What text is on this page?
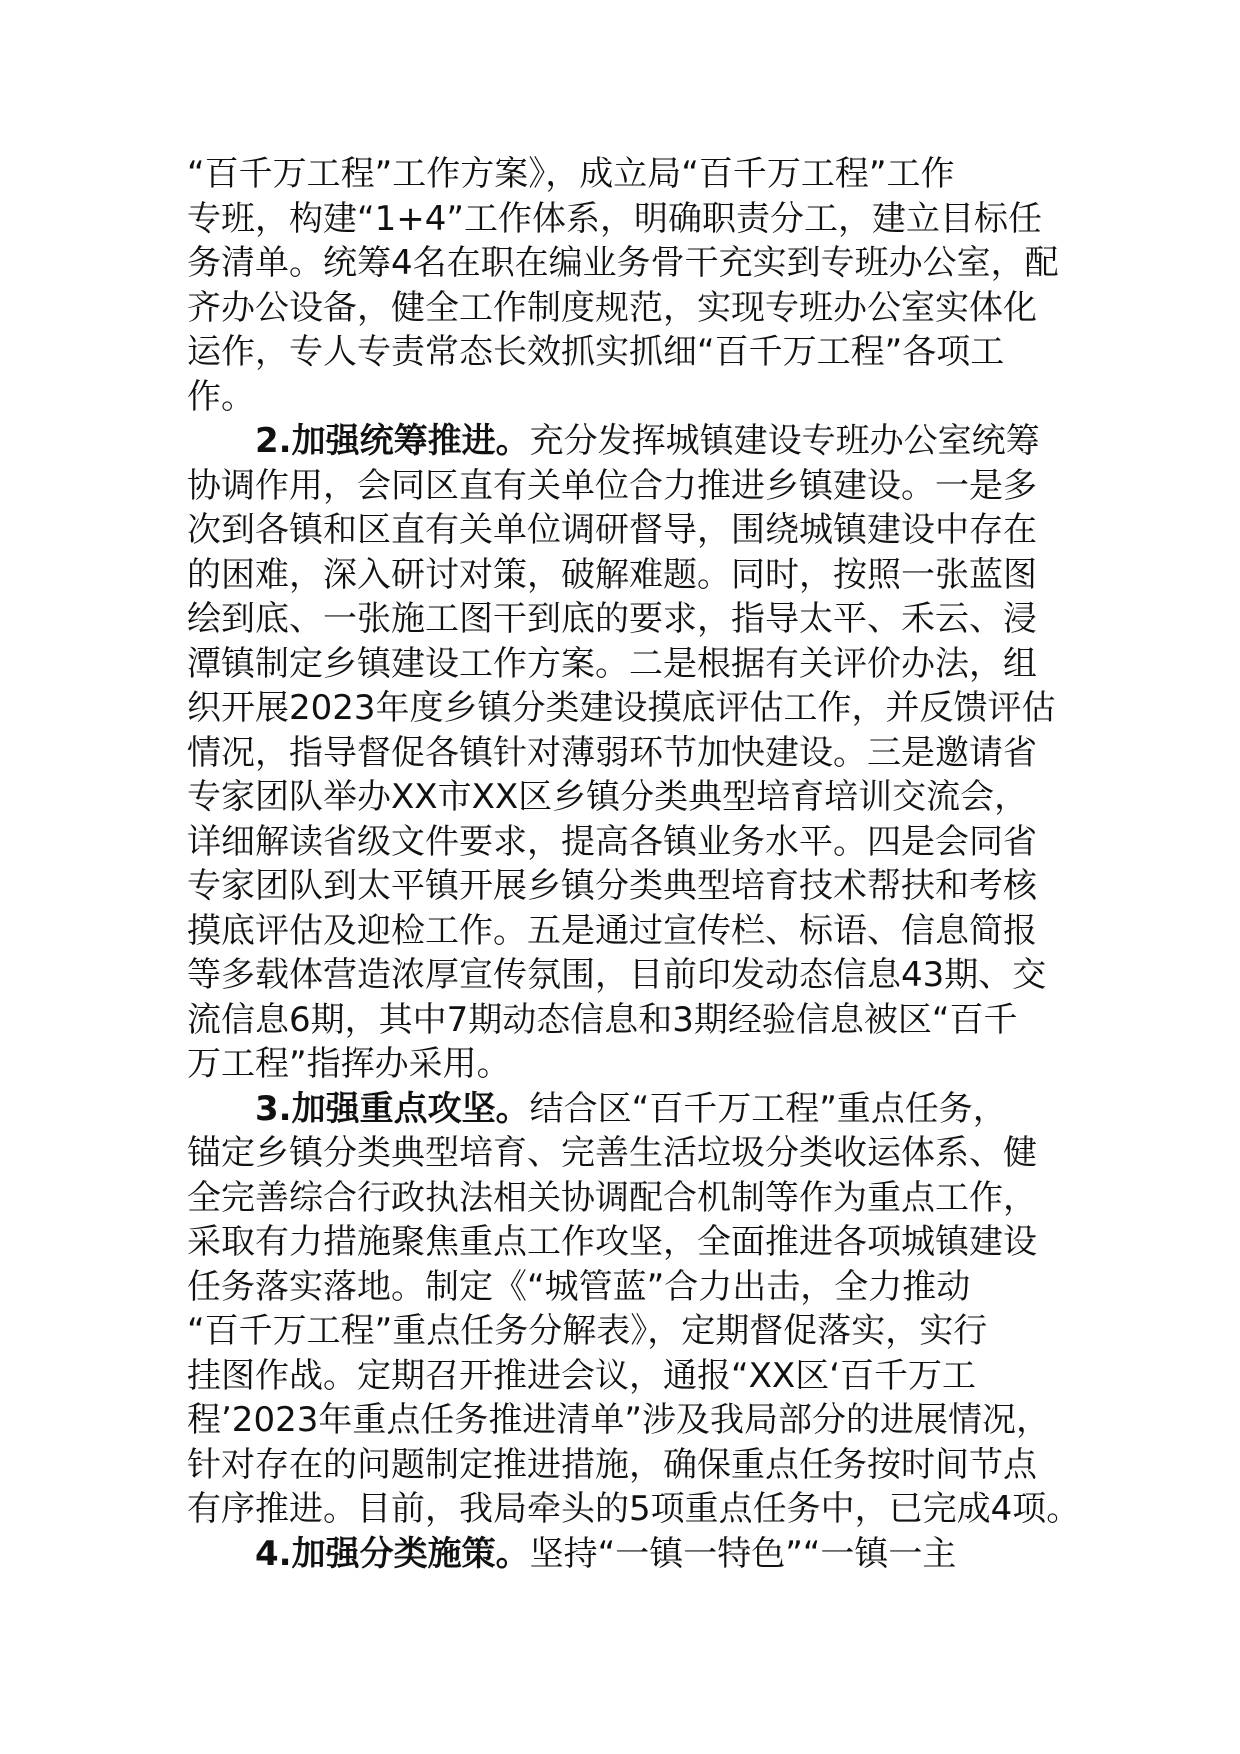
“百千万工程”工作方案》，成立局“百千万工程”工作
专班，构建“1+4”工作体系，明确职责分工，建立目标任
务清单。统筹4名在职在编业务骨干充实到专班办公室，配
齐办公设备，健全工作制度规范，实现专班办公室实体化
运作，专人专责常态长效抓实抓细“百千万工程”各项工
作。
2.加强统筹推进。充分发挥城镇建设专班办公室统筹
协调作用，会同区直有关单位合力推进乡镇建设。一是多
次到各镇和区直有关单位调研督导，围绕城镇建设中存在
的困难，深入研讨对策，破解难题。同时，按照一张蓝图
绘到底、一张施工图干到底的要求，指导太平、禾云、浸
潭镇制定乡镇建设工作方案。二是根据有关评价办法，组
织开展2023年度乡镇分类建设摸底评估工作，并反馈评估
情况，指导督促各镇针对薄弱环节加快建设。三是邀请省
专家团队举办XX市XX区乡镇分类典型培育培训交流会，
详细解读省级文件要求，提高各镇业务水平。四是会同省
专家团队到太平镇开展乡镇分类典型培育技术帮扶和考核
摸底评估及迎检工作。五是通过宣传栏、标语、信息简报
等多载体营造浓厚宣传氛围，目前印发动态信息43期、交
流信息6期，其中7期动态信息和3期经验信息被区“百千
万工程”指挥办采用。
3.加强重点攻坚。结合区“百千万工程”重点任务，
锚定乡镇分类典型培育、完善生活垃圾分类收运体系、健
全完善综合行政执法相关协调配合机制等作为重点工作，
采取有力措施聚焦重点工作攻坚，全面推进各项城镇建设
任务落实落地。制定《“城管蓝”合力出击，全力推动
“百千万工程”重点任务分解表》，定期督促落实，实行
挂图作战。定期召开推进会议，通报“XX区‘百千万工
程’2023年重点任务推进清单”涉及我局部分的进展情况，
针对存在的问题制定推进措施，确保重点任务按时间节点
有序推进。目前，我局牵头的5项重点任务中，已完成4项。
4.加强分类施策。坚持“一镇一特色”“一镇一主
